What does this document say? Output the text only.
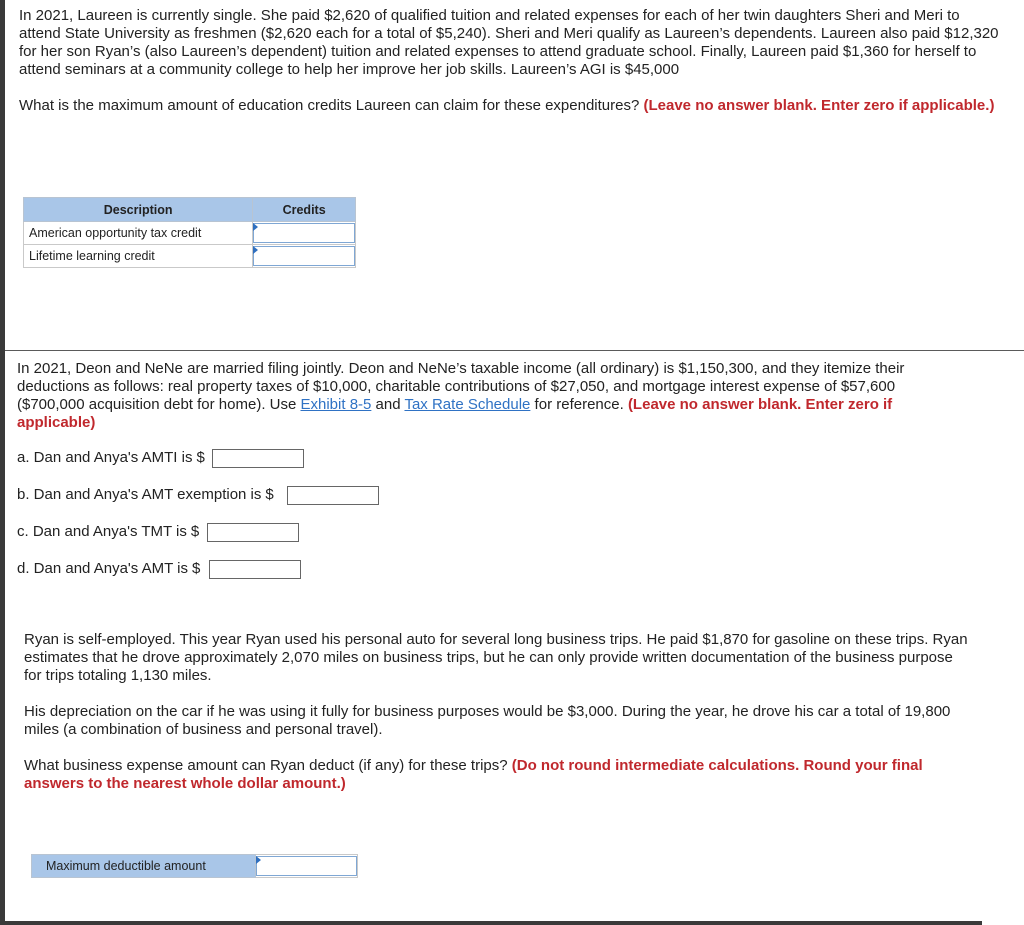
In 2021, Laureen is currently single. She paid $2,620 of qualified tuition and related expenses for each of her twin daughters Sheri and Meri to attend State University as freshmen ($2,620 each for a total of $5,240). Sheri and Meri qualify as Laureen’s dependents. Laureen also paid $12,320 for her son Ryan’s (also Laureen’s dependent) tuition and related expenses to attend graduate school. Finally, Laureen paid $1,360 for herself to attend seminars at a community college to help her improve her job skills. Laureen’s AGI is $45,000

What is the maximum amount of education credits Laureen can claim for these expenditures? (Leave no answer blank. Enter zero if applicable.)

Description	Credits
American opportunity tax credit	

Lifetime learning credit	

In 2021, Deon and NeNe are married filing jointly. Deon and NeNe’s taxable income (all ordinary) is $1,150,300, and they itemize their deductions as follows: real property taxes of $10,000, charitable contributions of $27,050, and mortgage interest expense of $57,600 ($700,000 acquisition debt for home). Use Exhibit 8-5 and Tax Rate Schedule for reference. (Leave no answer blank. Enter zero if applicable)

a. Dan and Anya's AMTI is $
b. Dan and Anya's AMT exemption is $
c. Dan and Anya's TMT is $
d. Dan and Anya's AMT is $

Ryan is self-employed. This year Ryan used his personal auto for several long business trips. He paid $1,870 for gasoline on these trips. Ryan estimates that he drove approximately 2,070 miles on business trips, but he can only provide written documentation of the business purpose for trips totaling 1,130 miles.

His depreciation on the car if he was using it fully for business purposes would be $3,000. During the year, he drove his car a total of 19,800 miles (a combination of business and personal travel).

What business expense amount can Ryan deduct (if any) for these trips? (Do not round intermediate calculations. Round your final answers to the nearest whole dollar amount.)

Maximum deductible amount	
